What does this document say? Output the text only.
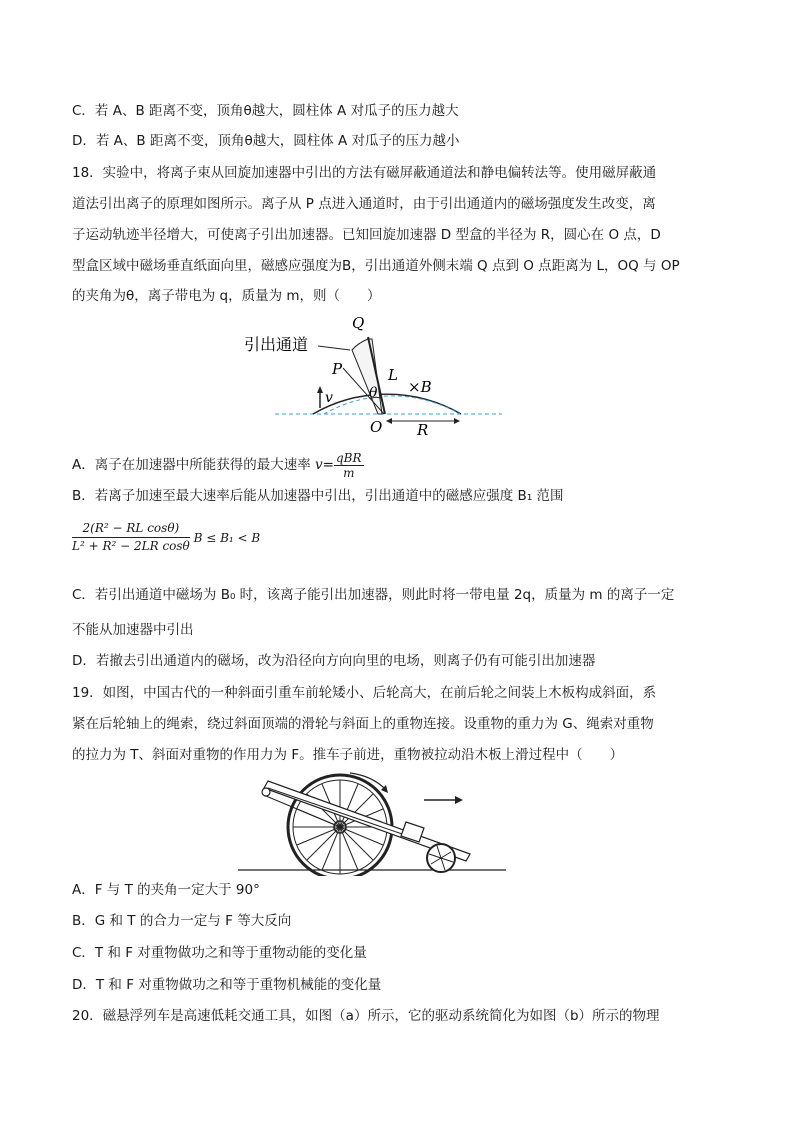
C．若 A、B 距离不变，顶角θ越大，圆柱体 A 对瓜子的压力越大
D．若 A、B 距离不变，顶角θ越大，圆柱体 A 对瓜子的压力越小
18．实验中，将离子束从回旋加速器中引出的方法有磁屏蔽通道法和静电偏转法等。使用磁屏蔽通
道法引出离子的原理如图所示。离子从 P 点进入通道时，由于引出通道内的磁场强度发生改变，离
子运动轨迹半径增大，可使离子引出加速器。已知回旋加速器 D 型盒的半径为 R，圆心在 O 点，D
型盒区域中磁场垂直纸面向里，磁感应强度为B，引出通道外侧末端 Q 点到 O 点距离为 L，OQ 与 OP
的夹角为θ，离子带电为 q，质量为 m，则（　　）
引出通道
Q
P	L
×B
θ
v
O R
A．离子在加速器中所能获得的最大速率 $v= \frac{\text{qBR}}{m}$
B．若离子加速至最大速率后能从加速器中引出，引出通道中的磁感应强度 B₁ 范围
$\frac{\text{2(R² − RL cosθ)}}{\text{L² + R² − 2LR cosθ}}$ B ≤ B₁ < B
C．若引出通道中磁场为 B₀ 时，该离子能引出加速器，则此时将一带电量 2q，质量为 m 的离子一定
不能从加速器中引出
D．若撤去引出通道内的磁场，改为沿径向方向向里的电场，则离子仍有可能引出加速器
19．如图，中国古代的一种斜面引重车前轮矮小、后轮高大，在前后轮之间装上木板构成斜面，系
紧在后轮轴上的绳索，绕过斜面顶端的滑轮与斜面上的重物连接。设重物的重力为 G、绳索对重物
的拉力为 T、斜面对重物的作用力为 F。推车子前进，重物被拉动沿木板上滑过程中（　　）
A．F 与 T 的夹角一定大于 90°
B．G 和 T 的合力一定与 F 等大反向
C．T 和 F 对重物做功之和等于重物动能的变化量
D．T 和 F 对重物做功之和等于重物机械能的变化量
20．磁悬浮列车是高速低耗交通工具，如图（a）所示，它的驱动系统简化为如图（b）所示的物理
